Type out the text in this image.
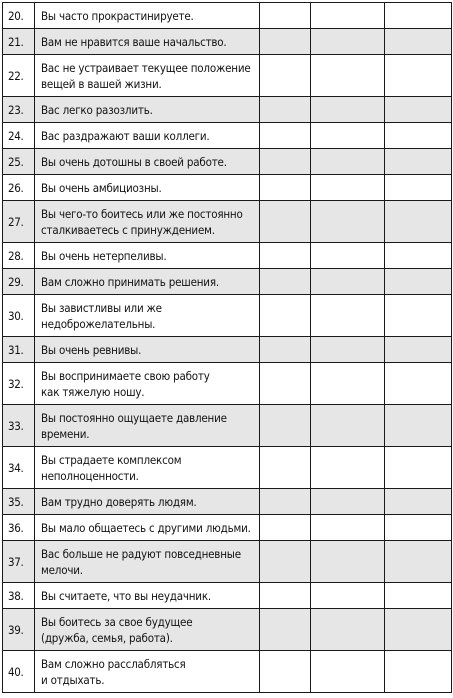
20.	Вы часто прокрастинируете.			

21.	Вам не нравится ваше начальство.			

22.	Вас не устраивает текущее положение
вещей в вашей жизни.			

23.	Вас легко разозлить.			

24.	Вас раздражают ваши коллеги.			

25.	Вы очень дотошны в своей работе.			

26.	Вы очень амбициозны.			

27.	Вы чего-то боитесь или же постоянно
сталкиваетесь с принуждением.			

28.	Вы очень нетерпеливы.			

29.	Вам сложно принимать решения.			

30.	Вы завистливы или же
недоброжелательны.			

31.	Вы очень ревнивы.			

32.	Вы воспринимаете свою работу
как тяжелую ношу.			

33.	Вы постоянно ощущаете давление
времени.			

34.	Вы страдаете комплексом
неполноценности.			

35.	Вам трудно доверять людям.			

36.	Вы мало общаетесь с другими людьми.			

37.	Вас больше не радуют повседневные
мелочи.			

38.	Вы считаете, что вы неудачник.			

39.	Вы боитесь за свое будущее
(дружба, семья, работа).			

40.	Вам сложно расслабляться
и отдыхать.			
